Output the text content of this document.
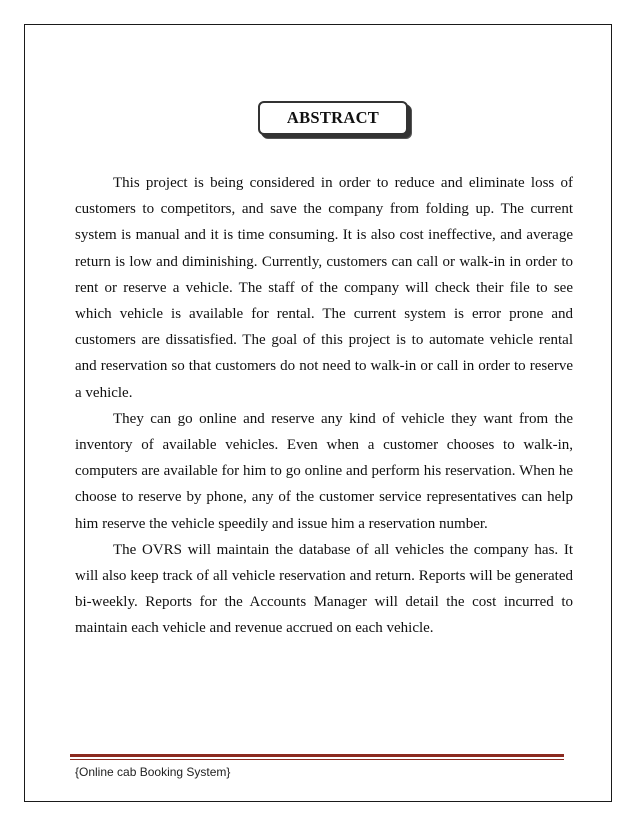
ABSTRACT

This project is being considered in order to reduce and eliminate loss of customers to competitors, and save the company from folding up. The current system is manual and it is time consuming. It is also cost ineffective, and average return is low and diminishing. Currently, customers can call or walk-in in order to rent or reserve a vehicle. The staff of the company will check their file to see which vehicle is available for rental. The current system is error prone and customers are dissatisfied. The goal of this project is to automate vehicle rental and reservation so that customers do not need to walk-in or call in order to reserve a vehicle.

They can go online and reserve any kind of vehicle they want from the inventory of available vehicles. Even when a customer chooses to walk-in, computers are available for him to go online and perform his reservation. When he choose to reserve by phone, any of the customer service representatives can help him reserve the vehicle speedily and issue him a reservation number.

The OVRS will maintain the database of all vehicles the company has. It will also keep track of all vehicle reservation and return. Reports will be generated bi-weekly. Reports for the Accounts Manager will detail the cost incurred to maintain each vehicle and revenue accrued on each vehicle.

{Online cab Booking System}
